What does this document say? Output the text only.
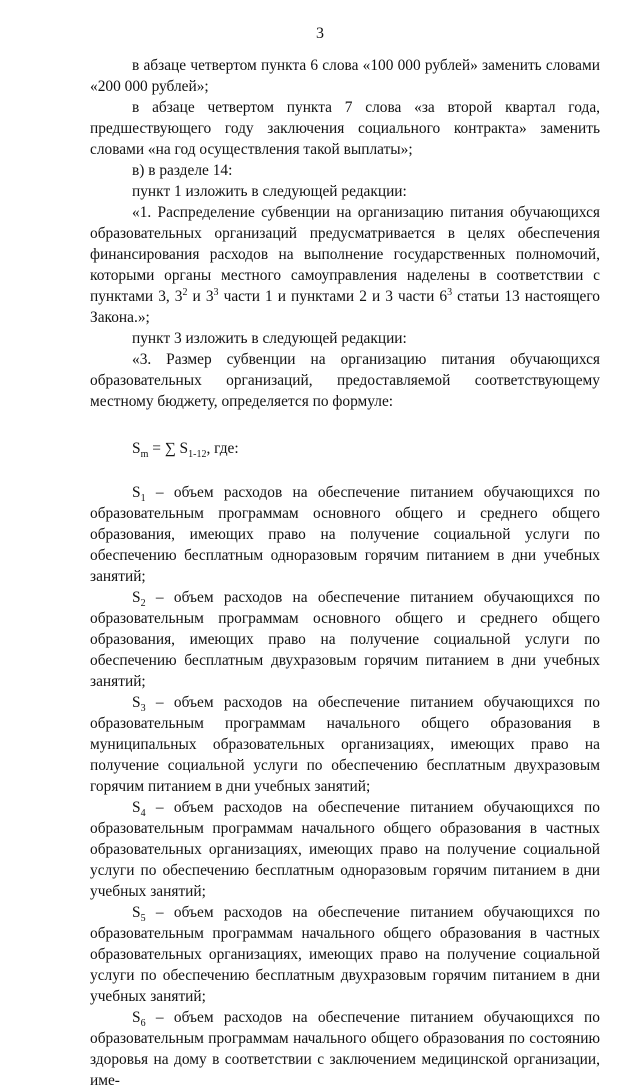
3

в абзаце четвертом пункта 6 слова «100 000 рублей» заменить словами «200 000 рублей»;

в абзаце четвертом пункта 7 слова «за второй квартал года, предшествующего году заключения социального контракта» заменить словами «на год осуществления такой выплаты»;

в) в разделе 14:

пункт 1 изложить в следующей редакции:

«1. Распределение субвенции на организацию питания обучающихся образовательных организаций предусматривается в целях обеспечения финансирования расходов на выполнение государственных полномочий, которыми органы местного самоуправления наделены в соответствии с пунктами 3, $3^2$ и $3^3$ части 1 и пунктами 2 и 3 части $6^3$ статьи 13 настоящего Закона.»;

пункт 3 изложить в следующей редакции:

«3. Размер субвенции на организацию питания обучающихся образовательных организаций, предоставляемой соответствующему местному бюджету, определяется по формуле:

$S_m$ = ∑ $S_{1-12}$, где:

$S_1$ – объем расходов на обеспечение питанием обучающихся по образовательным программам основного общего и среднего общего образования, имеющих право на получение социальной услуги по обеспечению бесплатным одноразовым горячим питанием в дни учебных занятий;

$S_2$ – объем расходов на обеспечение питанием обучающихся по образовательным программам основного общего и среднего общего образования, имеющих право на получение социальной услуги по обеспечению бесплатным двухразовым горячим питанием в дни учебных занятий;

$S_3$ – объем расходов на обеспечение питанием обучающихся по образовательным программам начального общего образования в муниципальных образовательных организациях, имеющих право на получение социальной услуги по обеспечению бесплатным двухразовым горячим питанием в дни учебных занятий;

$S_4$ – объем расходов на обеспечение питанием обучающихся по образовательным программам начального общего образования в частных образовательных организациях, имеющих право на получение социальной услуги по обеспечению бесплатным одноразовым горячим питанием в дни учебных занятий;

$S_5$ – объем расходов на обеспечение питанием обучающихся по образовательным программам начального общего образования в частных образовательных организациях, имеющих право на получение социальной услуги по обеспечению бесплатным двухразовым горячим питанием в дни учебных занятий;

$S_6$ – объем расходов на обеспечение питанием обучающихся по образовательным программам начального общего образования по состоянию здоровья на дому в соответствии с заключением медицинской организации, име-
